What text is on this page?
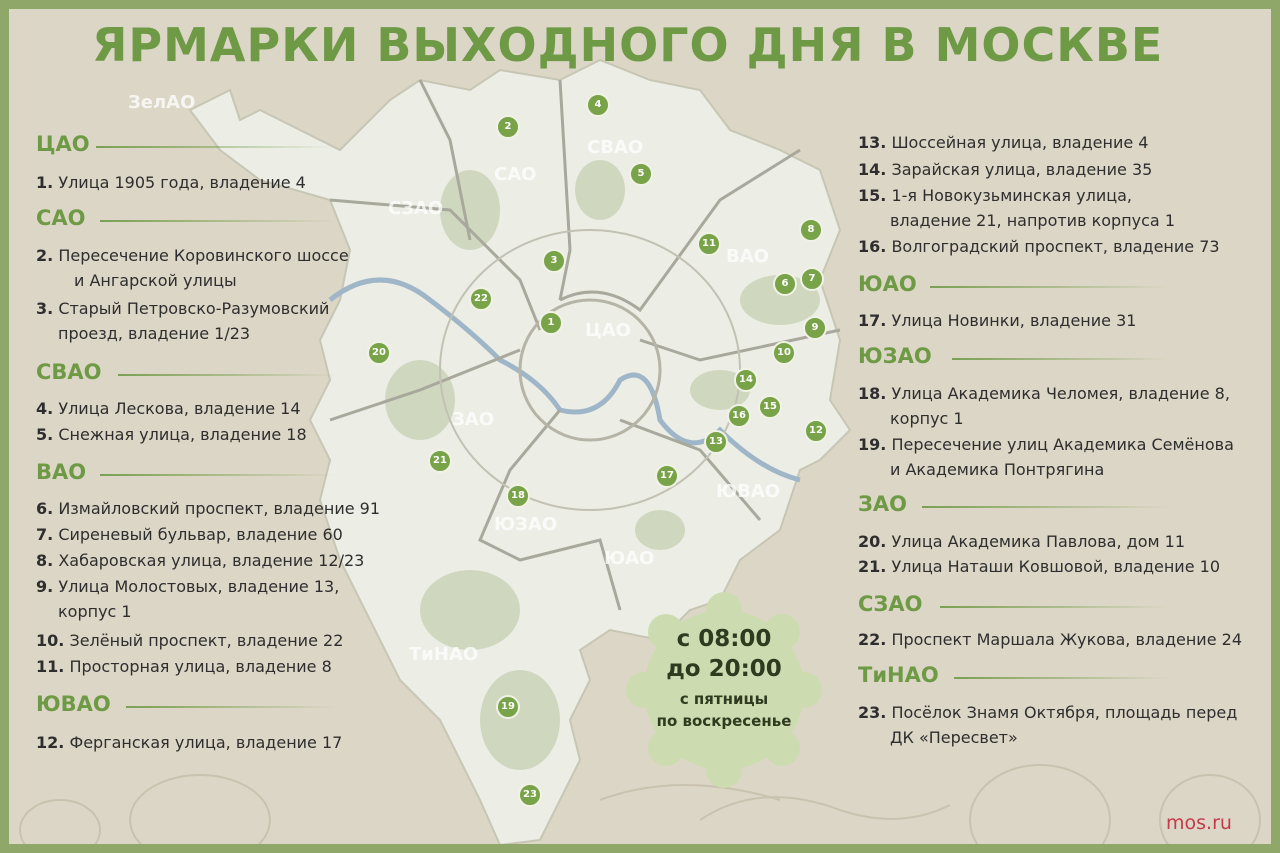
ЯРМАРКИ ВЫХОДНОГО ДНЯ В МОСКВЕ
ЗелАО
СВАО
САО
СЗАО
ВАО
ЦАО
ЗАО
ЮВАО
ЮЗАО
ЮАО
ТиНАО
1
2
3
4
5
6	7
8
9
10
11
12
13
14
15
16
17
18
19
20
21
22
23
ЦАО
1. Улица 1905 года, владение 4
САО
2. Пересечение Коровинского шоссе
и Ангарской улицы
3. Старый Петровско-Разумовский
проезд, владение 1/23
СВАО
4. Улица Лескова, владение 14
5. Снежная улица, владение 18
ВАО
6. Измайловский проспект, владение 91
7. Сиреневый бульвар, владение 60
8. Хабаровская улица, владение 12/23
9. Улица Молостовых, владение 13,
корпус 1
10. Зелёный проспект, владение 22
11. Просторная улица, владение 8
ЮВАО
12. Ферганская улица, владение 17
13. Шоссейная улица, владение 4
14. Зарайская улица, владение 35
15. 1-я Новокузьминская улица,
владение 21, напротив корпуса 1
16. Волгоградский проспект, владение 73
ЮАО
17. Улица Новинки, владение 31
ЮЗАО
18. Улица Академика Челомея, владение 8,
корпус 1
19. Пересечение улиц Академика Семёнова
и Академика Понтрягина
ЗАО
20. Улица Академика Павлова, дом 11
21. Улица Наташи Ковшовой, владение 10
СЗАО
22. Проспект Маршала Жукова, владение 24
ТиНАО
23. Посёлок Знамя Октября, площадь перед
ДК «Пересвет»
с 08:00
до 20:00
с пятницы
по воскресенье
mos.ru
